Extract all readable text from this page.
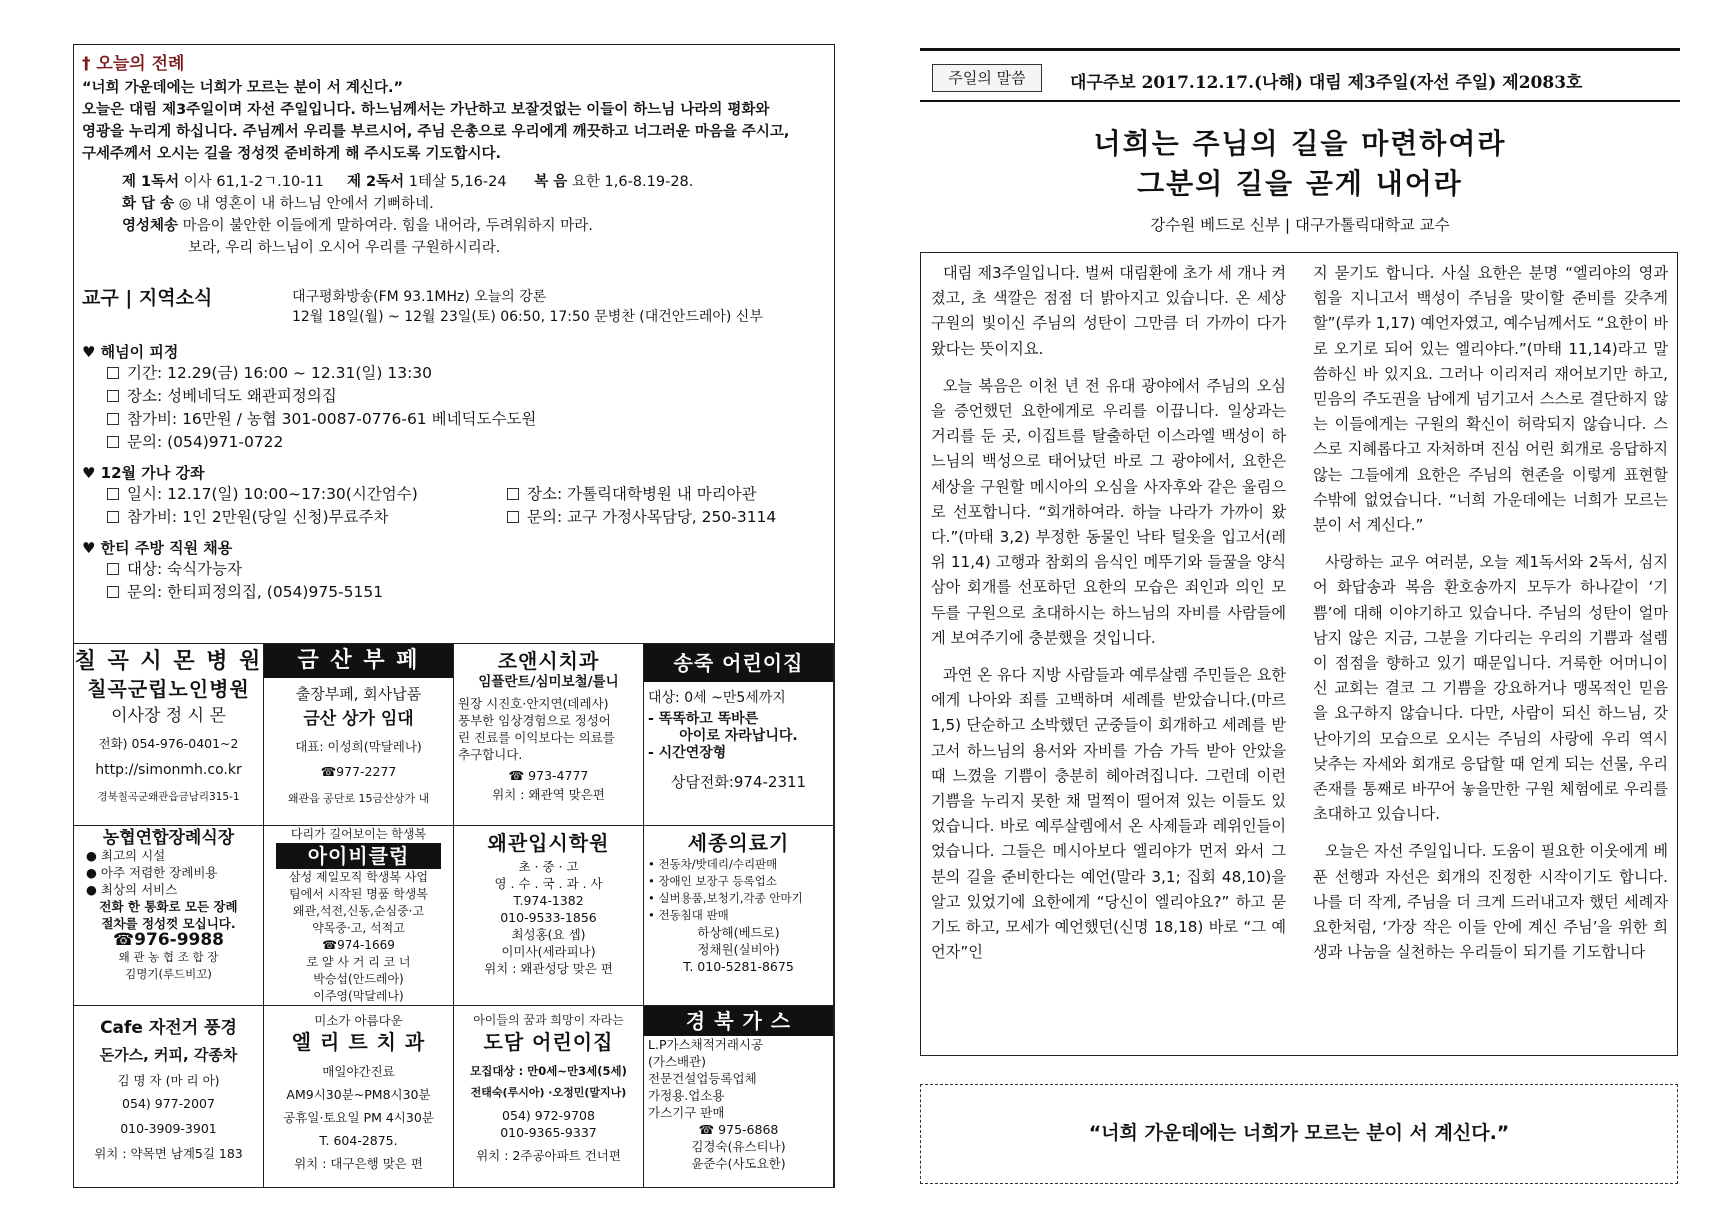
† 오늘의 전례
“너희 가운데에는 너희가 모르는 분이 서 계신다.”
오늘은 대림 제3주일이며 자선 주일입니다. 하느님께서는 가난하고 보잘것없는 이들이 하느님 나라의 평화와
영광을 누리게 하십니다. 주님께서 우리를 부르시어, 주님 은총으로 우리에게 깨끗하고 너그러운 마음을 주시고,
구세주께서 오시는 길을 정성껏 준비하게 해 주시도록 기도합시다.
제 1독서 이사 61,1-2ㄱ.10-11 제 2독서 1테살 5,16-24 복 음 요한 1,6-8.19-28.
화 답 송 ◎ 내 영혼이 내 하느님 안에서 기뻐하네.
영성체송 마음이 불안한 이들에게 말하여라. 힘을 내어라, 두려워하지 마라.
보라, 우리 하느님이 오시어 우리를 구원하시리라.
교구 | 지역소식	대구평화방송(FM 93.1MHz) 오늘의 강론
12월 18일(월) ~ 12월 23일(토) 06:50, 17:50 문병찬 (대건안드레아) 신부
♥ 해넘이 피정
기간: 12.29(금) 16:00 ~ 12.31(일) 13:30
장소: 성베네딕도 왜관피정의집
참가비: 16만원 / 농협 301-0087-0776-61 베네딕도수도원
문의: (054)971-0722
♥ 12월 가나 강좌
일시: 12.17(일) 10:00~17:30(시간엄수)
참가비: 1인 2만원(당일 신청)무료주차
장소: 가톨릭대학병원 내 마리아관
문의: 교구 가정사목담당, 250-3114
♥ 한티 주방 직원 채용
대상: 숙식가능자
문의: 한티피정의집, (054)975-5151
칠 곡 시 몬 병 원
칠곡군립노인병원
이사장 정 시 몬
전화) 054-976-0401~2
http://simonmh.co.kr
경북칠곡군왜관읍금남리315-1
금 산 부 페
출장부페, 회사납품
금산 상가 임대
대표: 이성희(막달레나)
☎977-2277
왜관읍 공단로 15금산상가 내
조앤시치과
임플란트/심미보철/틀니
원장 시진호·안지연(데레사)
풍부한 임상경험으로 정성어
린 진료를 이익보다는 의료를
추구합니다.
☎ 973-4777
위치 : 왜관역 맞은편
송죽 어린이집
대상: 0세 ~만5세까지
- 똑똑하고 똑바른
아이로 자라납니다.
- 시간연장형
상담전화:974-2311
농협연합장례식장
● 최고의 시설
● 아주 저렴한 장례비용
● 최상의 서비스
전화 한 통화로 모든 장례
절차를 정성껏 모십니다.
☎976-9988
왜 관 농 협 조 합 장
김명기(루드비꼬)
다리가 길어보이는 학생복
아이비클럽
삼성 제일모직 학생복 사업
팀에서 시작된 명품 학생복
왜관,석전,신동,순심중·고
약목중·고, 석적고
☎974-1669
로 얄 사 거 리 코 너
박승섭(안드레아)
이주영(막달레나)
왜관입시학원
초 · 중 · 고
영 . 수 . 국 . 과 . 사
T.974-1382
010-9533-1856
최성홍(요 셉)
이미사(세라피나)
위치 : 왜관성당 맞은 편
세종의료기
• 전동차/밧데리/수리판매
• 장애인 보장구 등록업소
• 실버용품,보청기,각종 안마기
• 전동침대 판매
하상해(베드로)
정채원(실비아)
T. 010-5281-8675
Cafe 자전거 풍경
돈가스, 커피, 각종차
김 명 자 (마 리 아)
054) 977-2007
010-3909-3901
위치 : 약목면 남계5길 183
미소가 아름다운
엘 리 트 치 과
매일야간진료
AM9시30분~PM8시30분
공휴일·토요일 PM 4시30분
T. 604-2875.
위치 : 대구은행 맞은 편
아이들의 꿈과 희망이 자라는
도담 어린이집
모집대상 : 만0세~만3세(5세)
전태숙(루시아) ·오정민(말지나)
054) 972-9708
010-9365-9337
위치 : 2주공아파트 건너편
경 북 가 스
L.P가스채적거래시공
(가스배관)
전문건설업등록업체
가정용.업소용
가스기구 판매
☎ 975-6868
김경숙(유스티나)
윤준수(사도요한)
주일의 말씀	대구주보 2017.12.17.(나해) 대림 제3주일(자선 주일) 제2083호
너희는 주님의 길을 마련하여라
그분의 길을 곧게 내어라
강수원 베드로 신부 | 대구가톨릭대학교 교수

대림 제3주일입니다. 벌써 대림환에 초가 세 개나 켜졌고, 초 색깔은 점점 더 밝아지고 있습니다. 온 세상 구원의 빛이신 주님의 성탄이 그만큼 더 가까이 다가왔다는 뜻이지요.

오늘 복음은 이천 년 전 유대 광야에서 주님의 오심을 증언했던 요한에게로 우리를 이끕니다. 일상과는 거리를 둔 곳, 이집트를 탈출하던 이스라엘 백성이 하느님의 백성으로 태어났던 바로 그 광야에서, 요한은 세상을 구원할 메시아의 오심을 사자후와 같은 울림으로 선포합니다. “회개하여라. 하늘 나라가 가까이 왔다.”(마태 3,2) 부정한 동물인 낙타 털옷을 입고서(레위 11,4) 고행과 참회의 음식인 메뚜기와 들꿀을 양식 삼아 회개를 선포하던 요한의 모습은 죄인과 의인 모두를 구원으로 초대하시는 하느님의 자비를 사람들에게 보여주기에 충분했을 것입니다.

과연 온 유다 지방 사람들과 예루살렘 주민들은 요한에게 나아와 죄를 고백하며 세례를 받았습니다.(마르 1,5) 단순하고 소박했던 군중들이 회개하고 세례를 받고서 하느님의 용서와 자비를 가슴 가득 받아 안았을 때 느꼈을 기쁨이 충분히 헤아려집니다. 그런데 이런 기쁨을 누리지 못한 채 멀찍이 떨어져 있는 이들도 있었습니다. 바로 예루살렘에서 온 사제들과 레위인들이었습니다. 그들은 메시아보다 엘리야가 먼저 와서 그분의 길을 준비한다는 예언(말라 3,1; 집회 48,10)을 알고 있었기에 요한에게 “당신이 엘리야요?” 하고 묻기도 하고, 모세가 예언했던(신명 18,18) 바로 “그 예언자”인

지 묻기도 합니다. 사실 요한은 분명 “엘리야의 영과 힘을 지니고서 백성이 주님을 맞이할 준비를 갖추게 할”(루카 1,17) 예언자였고, 예수님께서도 “요한이 바로 오기로 되어 있는 엘리야다.”(마태 11,14)라고 말씀하신 바 있지요. 그러나 이리저리 재어보기만 하고, 믿음의 주도권을 남에게 넘기고서 스스로 결단하지 않는 이들에게는 구원의 확신이 허락되지 않습니다. 스스로 지혜롭다고 자처하며 진심 어린 회개로 응답하지 않는 그들에게 요한은 주님의 현존을 이렇게 표현할 수밖에 없었습니다. “너희 가운데에는 너희가 모르는 분이 서 계신다.”

사랑하는 교우 여러분, 오늘 제1독서와 2독서, 심지어 화답송과 복음 환호송까지 모두가 하나같이 ‘기쁨’에 대해 이야기하고 있습니다. 주님의 성탄이 얼마 남지 않은 지금, 그분을 기다리는 우리의 기쁨과 설렘이 점점을 향하고 있기 때문입니다. 거룩한 어머니이신 교회는 결코 그 기쁨을 강요하거나 맹목적인 믿음을 요구하지 않습니다. 다만, 사람이 되신 하느님, 갓난아기의 모습으로 오시는 주님의 사랑에 우리 역시 낮추는 자세와 회개로 응답할 때 얻게 되는 선물, 우리 존재를 통째로 바꾸어 놓을만한 구원 체험에로 우리를 초대하고 있습니다.

오늘은 자선 주일입니다. 도움이 필요한 이웃에게 베푼 선행과 자선은 회개의 진정한 시작이기도 합니다. 나를 더 작게, 주님을 더 크게 드러내고자 했던 세례자 요한처럼, ‘가장 작은 이들 안에 계신 주님’을 위한 희생과 나눔을 실천하는 우리들이 되기를 기도합니다

“너희 가운데에는 너희가 모르는 분이 서 계신다.”
